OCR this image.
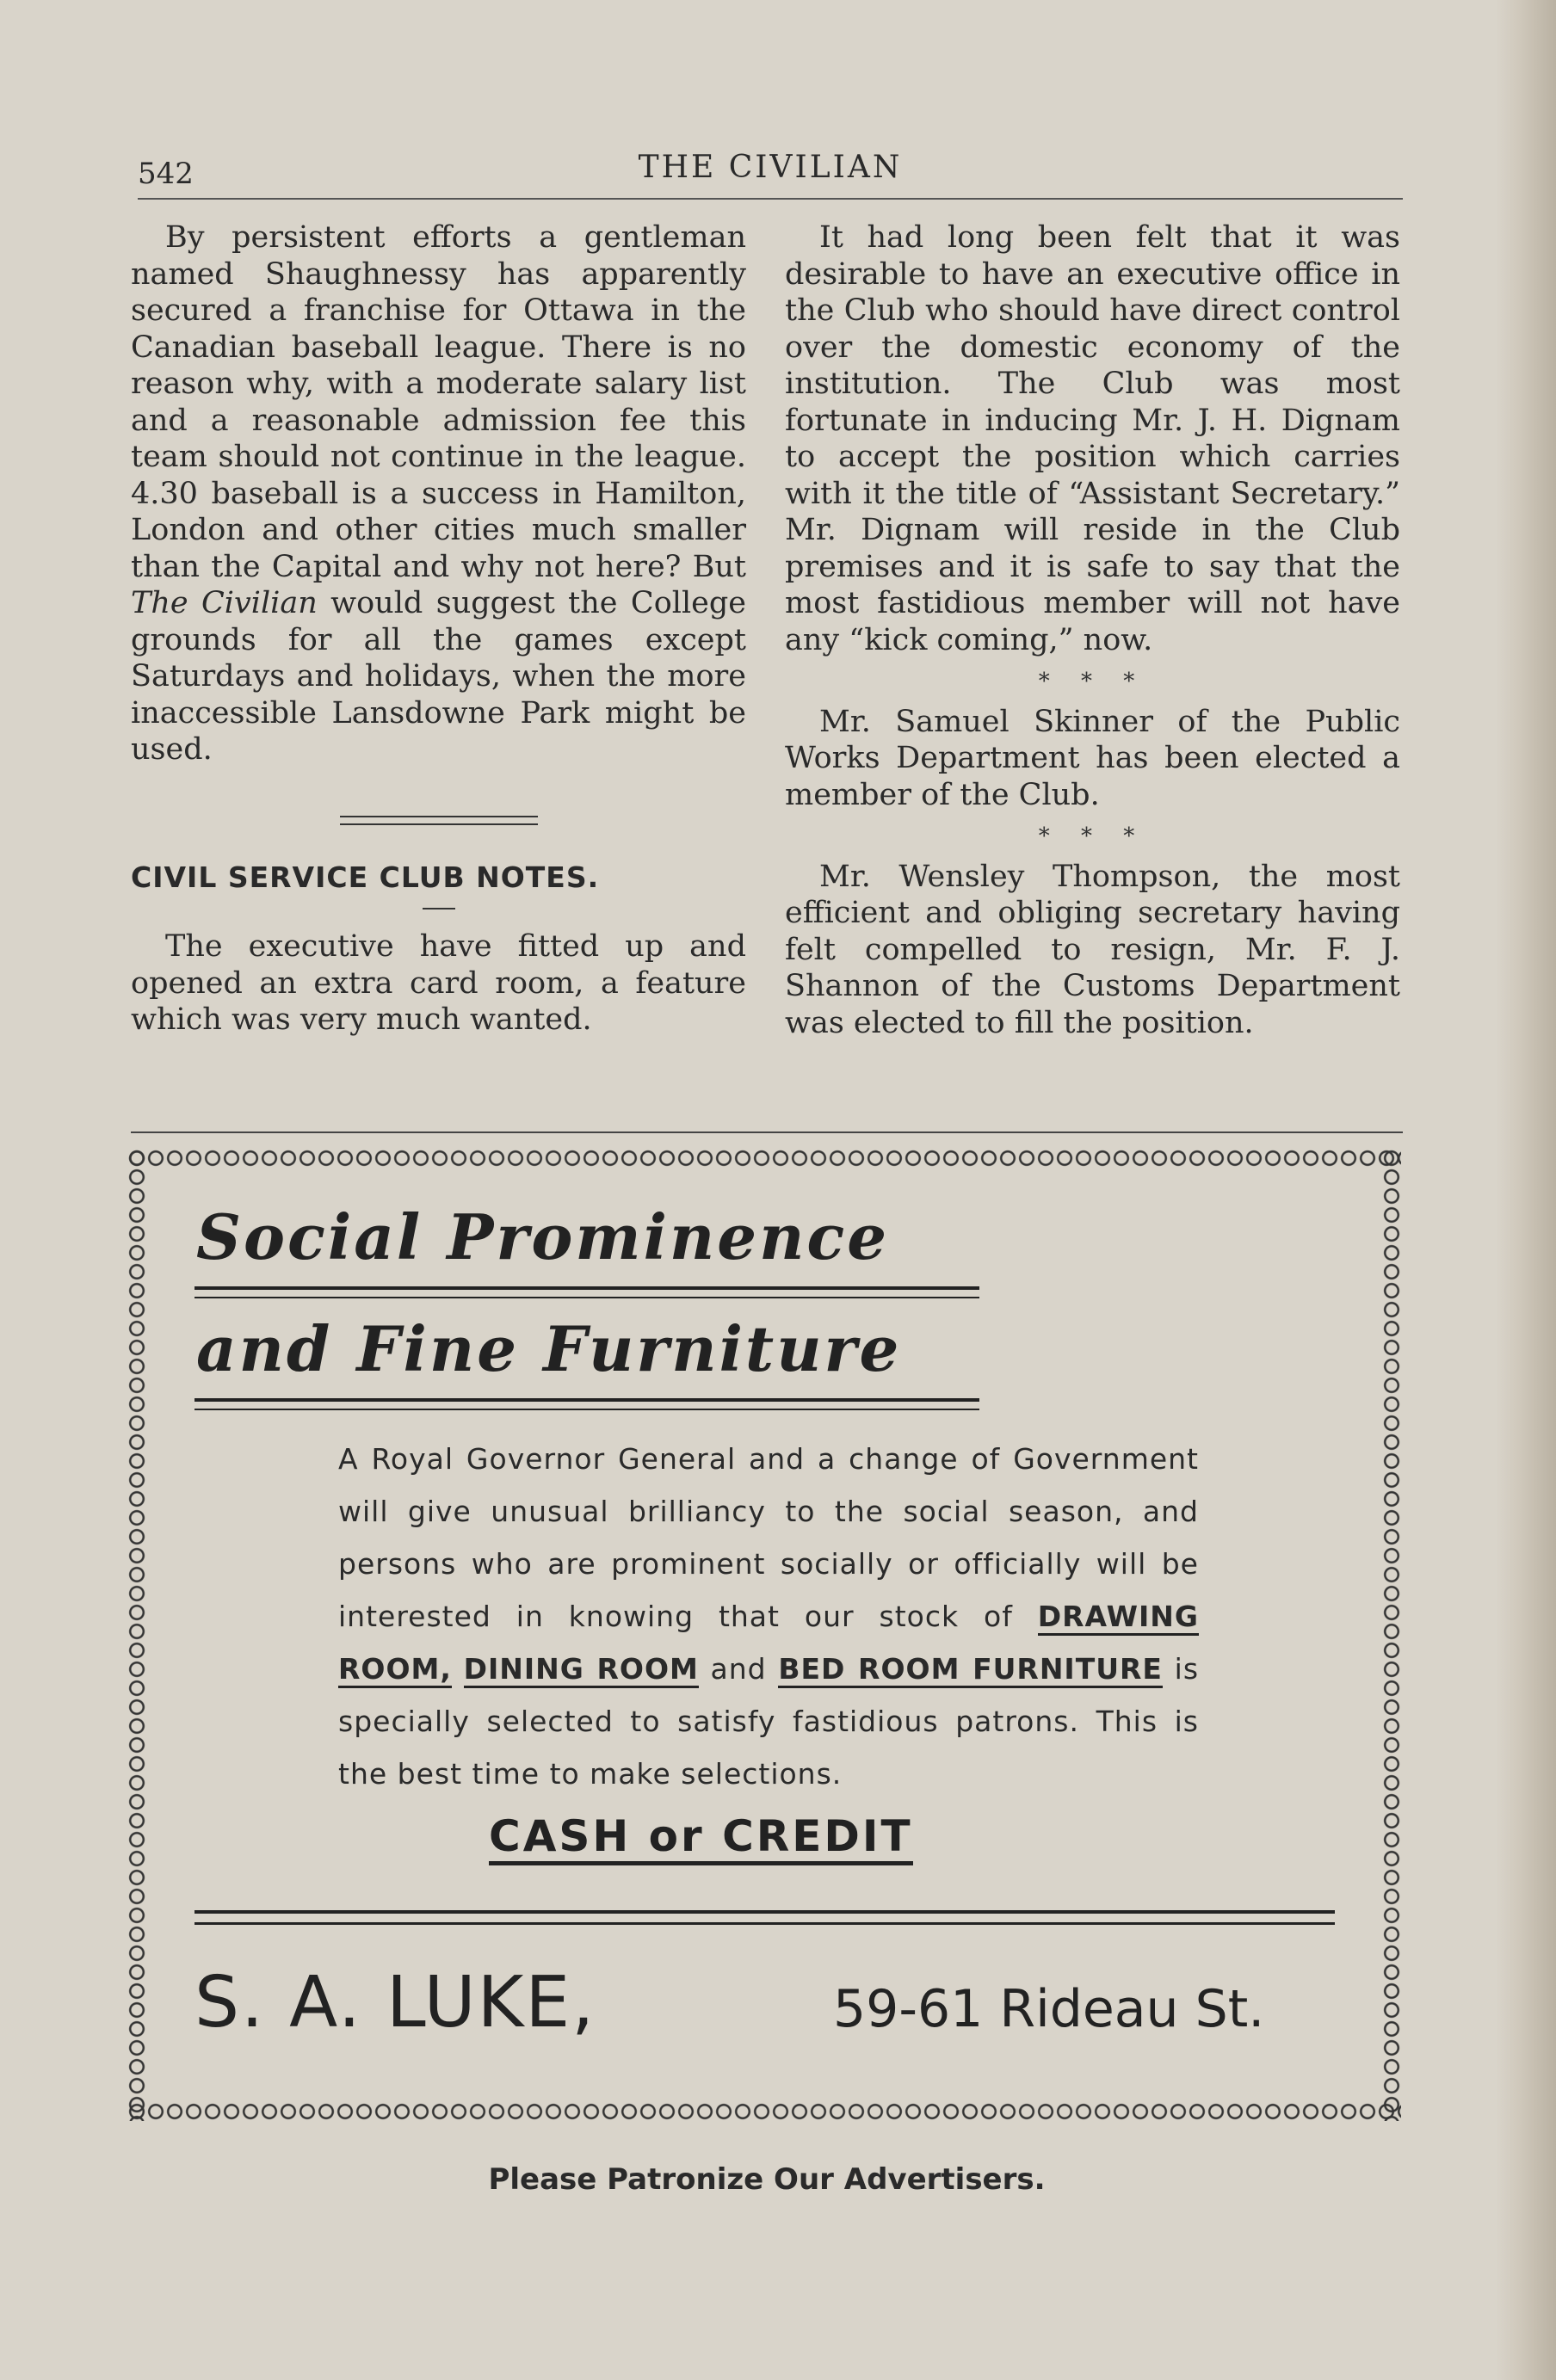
542	THE CIVILIAN

By persistent efforts a gentleman named Shaughnessy has apparently secured a franchise for Ottawa in the Canadian baseball league. There is no reason why, with a moderate salary list and a reasonable admission fee this team should not continue in the league. 4.30 baseball is a success in Hamilton, London and other cities much smaller than the Capital and why not here? But The Civilian would suggest the College grounds for all the games except Saturdays and holidays, when the more inaccessible Lansdowne Park might be used.

CIVIL SERVICE CLUB NOTES.

The executive have fitted up and opened an extra card room, a feature which was very much wanted.

It had long been felt that it was desirable to have an executive office in the Club who should have direct control over the domestic economy of the institution. The Club was most fortunate in inducing Mr. J. H. Dignam to accept the position which carries with it the title of “Assistant Secretary.” Mr. Dignam will reside in the Club premises and it is safe to say that the most fastidious member will not have any “kick coming,” now.

* * *

Mr. Samuel Skinner of the Public Works Department has been elected a member of the Club.

* * *

Mr. Wensley Thompson, the most efficient and obliging secretary having felt compelled to resign, Mr. F. J. Shannon of the Customs Department was elected to fill the position.

Social Prominence
and Fine Furniture
A Royal Governor General and a change of Government will give unusual brilliancy to the social season, and persons who are prominent socially or officially will be interested in knowing that our stock of DRAWING ROOM, DINING ROOM and BED ROOM FURNITURE is specially selected to satisfy fastidious patrons. This is the best time to make selections.
CASH or CREDIT
S. A. LUKE,	59-61 Rideau St.
Please Patronize Our Advertisers.
